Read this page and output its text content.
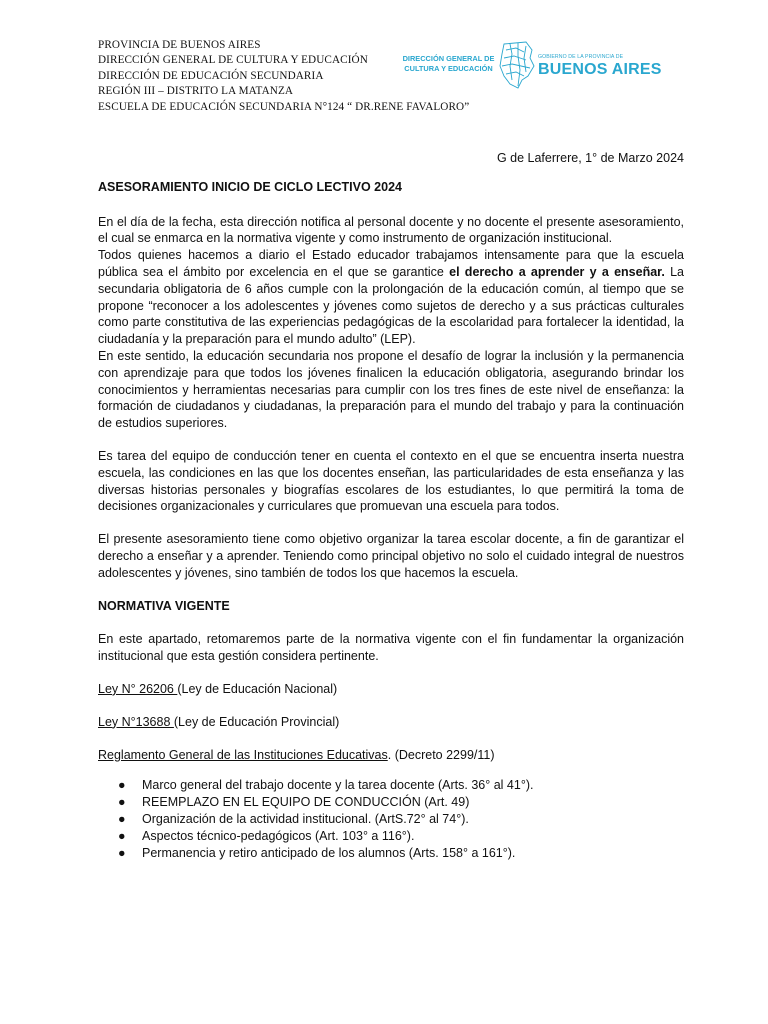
PROVINCIA DE BUENOS AIRES
DIRECCIÓN GENERAL DE CULTURA Y EDUCACIÓN
DIRECCIÓN DE EDUCACIÓN SECUNDARIA
REGIÓN III – DISTRITO LA MATANZA
ESCUELA DE EDUCACIÓN SECUNDARIA N°124 “ DR.RENE FAVALORO”
DIRECCIÓN GENERAL DE
CULTURA Y EDUCACIÓN
GOBIERNO DE LA PROVINCIA DE
BUENOS AIRES
G de Laferrere, 1° de Marzo 2024
ASESORAMIENTO INICIO DE CICLO LECTIVO 2024

En el día de la fecha, esta dirección notifica al personal docente y no docente el presente asesoramiento, el cual se enmarca en la normativa vigente y como instrumento de organización institucional.

Todos quienes hacemos a diario el Estado educador trabajamos intensamente para que la escuela pública sea el ámbito por excelencia en el que se garantice el derecho a aprender y a enseñar. La secundaria obligatoria de 6 años cumple con la prolongación de la educación común, al tiempo que se propone “reconocer a los adolescentes y jóvenes como sujetos de derecho y a sus prácticas culturales como parte constitutiva de las experiencias pedagógicas de la escolaridad para fortalecer la identidad, la ciudadanía y la preparación para el mundo adulto” (LEP).

En este sentido, la educación secundaria nos propone el desafío de lograr la inclusión y la permanencia con aprendizaje para que todos los jóvenes finalicen la educación obligatoria, asegurando brindar los conocimientos y herramientas necesarias para cumplir con los tres fines de este nivel de enseñanza: la formación de ciudadanos y ciudadanas, la preparación para el mundo del trabajo y para la continuación de estudios superiores.

Es tarea del equipo de conducción tener en cuenta el contexto en el que se encuentra inserta nuestra escuela, las condiciones en las que los docentes enseñan, las particularidades de esta enseñanza y las diversas historias personales y biografías escolares de los estudiantes, lo que permitirá la toma de decisiones organizacionales y curriculares que promuevan una escuela para todos.

El presente asesoramiento tiene como objetivo organizar la tarea escolar docente, a fin de garantizar el derecho a enseñar y a aprender. Teniendo como principal objetivo no solo el cuidado integral de nuestros adolescentes y jóvenes, sino también de todos los que hacemos la escuela.

NORMATIVA VIGENTE

En este apartado, retomaremos parte de la normativa vigente con el fin fundamentar la organización institucional que esta gestión considera pertinente.

Ley N° 26206 (Ley de Educación Nacional)

Ley N°13688 (Ley de Educación Provincial)

Reglamento General de las Instituciones Educativas. (Decreto 2299/11)

● Marco general del trabajo docente y la tarea docente (Arts. 36° al 41°).
● REEMPLAZO EN EL EQUIPO DE CONDUCCIÓN (Art. 49)
● Organización de la actividad institucional. (ArtS.72° al 74°).
● Aspectos técnico-pedagógicos (Art. 103° a 116°).
● Permanencia y retiro anticipado de los alumnos (Arts. 158° a 161°).
